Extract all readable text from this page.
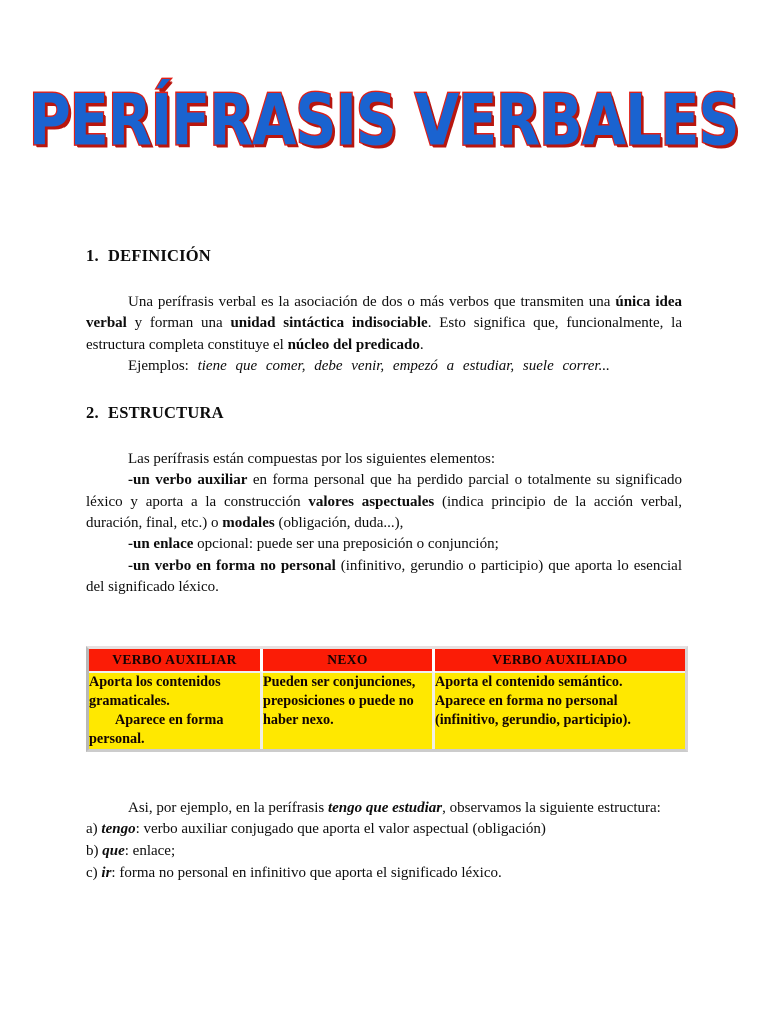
PERÍFRASIS VERBALES
1. DEFINICIÓN

Una perífrasis verbal es la asociación de dos o más verbos que transmiten una única idea verbal y forman una unidad sintáctica indisociable. Esto significa que, funcionalmente, la estructura completa constituye el núcleo del predicado.

Ejemplos: tiene que comer, debe venir, empezó a estudiar, suele correr...

2. ESTRUCTURA

Las perífrasis están compuestas por los siguientes elementos:

-un verbo auxiliar en forma personal que ha perdido parcial o totalmente su significado léxico y aporta a la construcción valores aspectuales (indica principio de la acción verbal, duración, final, etc.) o modales (obligación, duda...),

-un enlace opcional: puede ser una preposición o conjunción;

-un verbo en forma no personal (infinitivo, gerundio o participio) que aporta lo esencial del significado léxico.

VERBO AUXILIAR	NEXO	VERBO AUXILIADO
Aporta los contenidos
gramaticales.
Aparece en forma
personal.	Pueden ser conjunciones,
preposiciones o puede no
haber nexo.	Aporta el contenido semántico.
Aparece en forma no personal
(infinitivo, gerundio, participio).

Asi, por ejemplo, en la perífrasis tengo que estudiar, observamos la siguiente estructura:

a) tengo: verbo auxiliar conjugado que aporta el valor aspectual (obligación)

b) que: enlace;

c) ir: forma no personal en infinitivo que aporta el significado léxico.
